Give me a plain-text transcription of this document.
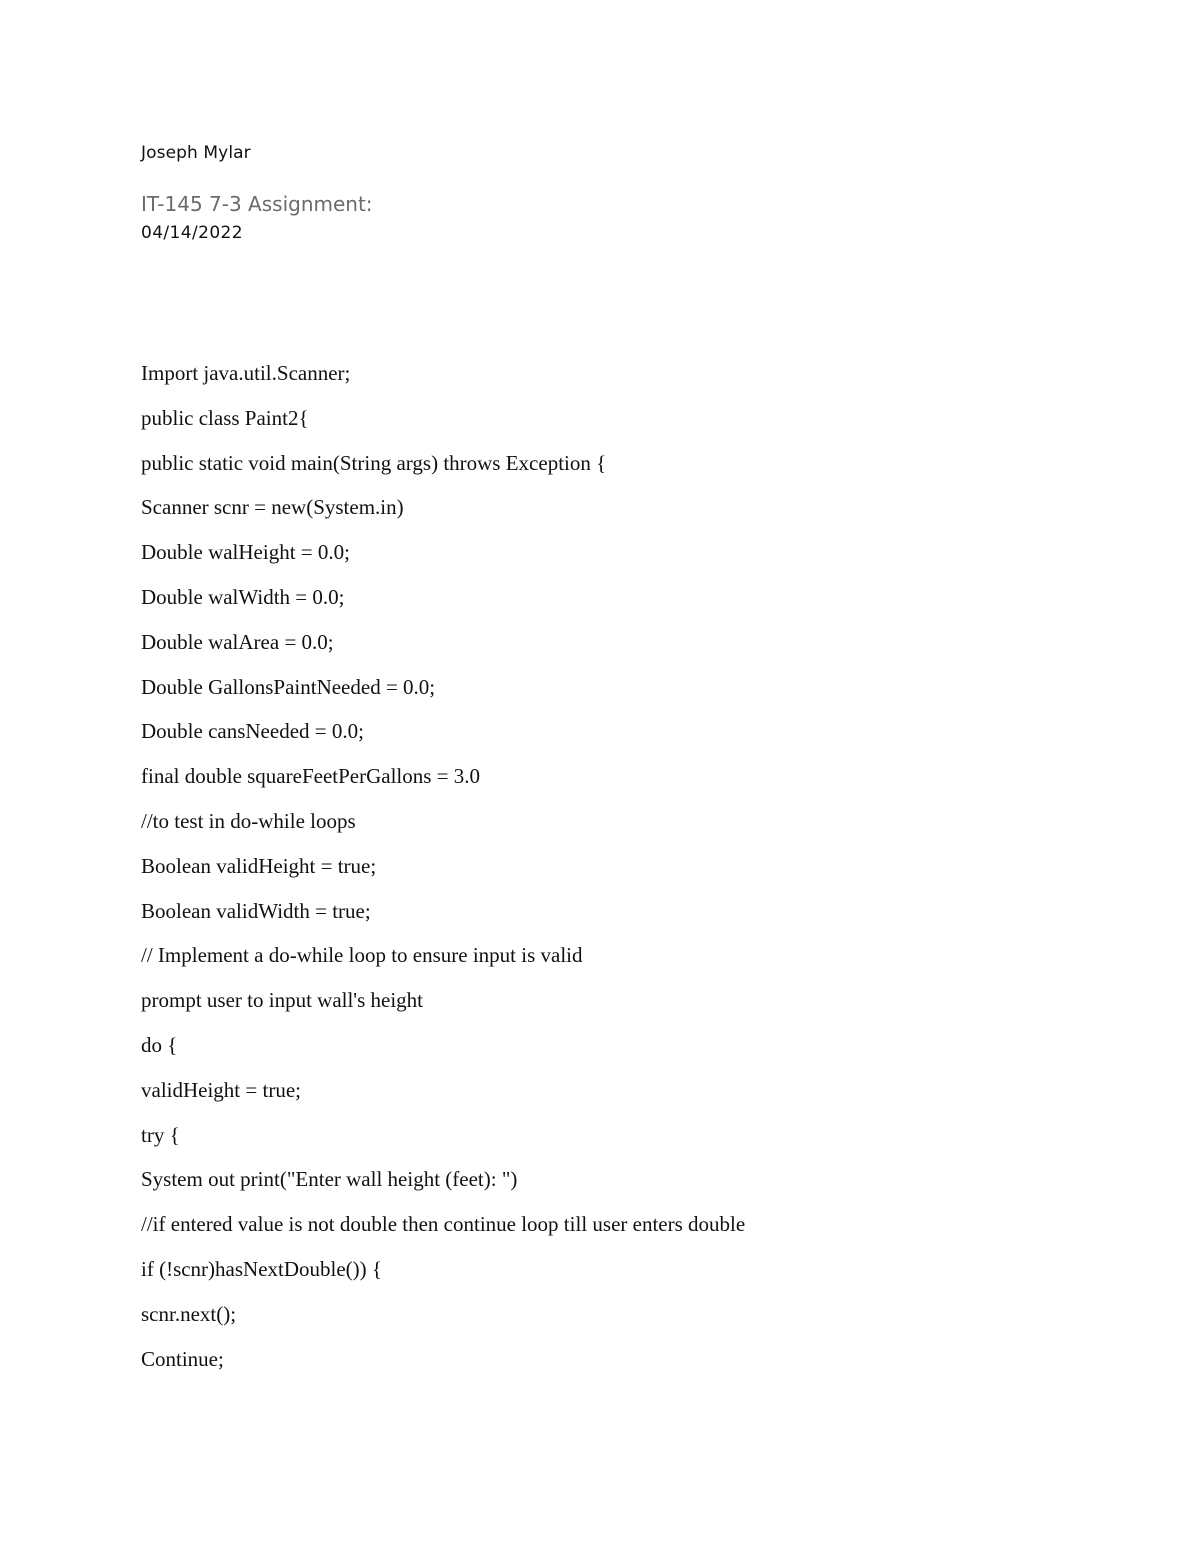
Joseph Mylar

IT-145 7-3 Assignment:

04/14/2022

Import java.util.Scanner;
public class Paint2{
public static void main(String args) throws Exception {
Scanner scnr = new(System.in)
Double walHeight = 0.0;
Double walWidth = 0.0;
Double walArea = 0.0;
Double GallonsPaintNeeded = 0.0;
Double cansNeeded = 0.0;
final double squareFeetPerGallons = 3.0
//to test in do-while loops
Boolean validHeight = true;
Boolean validWidth = true;
// Implement a do-while loop to ensure input is valid
prompt user to input wall's height
do {
validHeight = true;
try {
System out print("Enter wall height (feet): ")
//if entered value is not double then continue loop till user enters double
if (!scnr)hasNextDouble()) {
scnr.next();
Continue;
